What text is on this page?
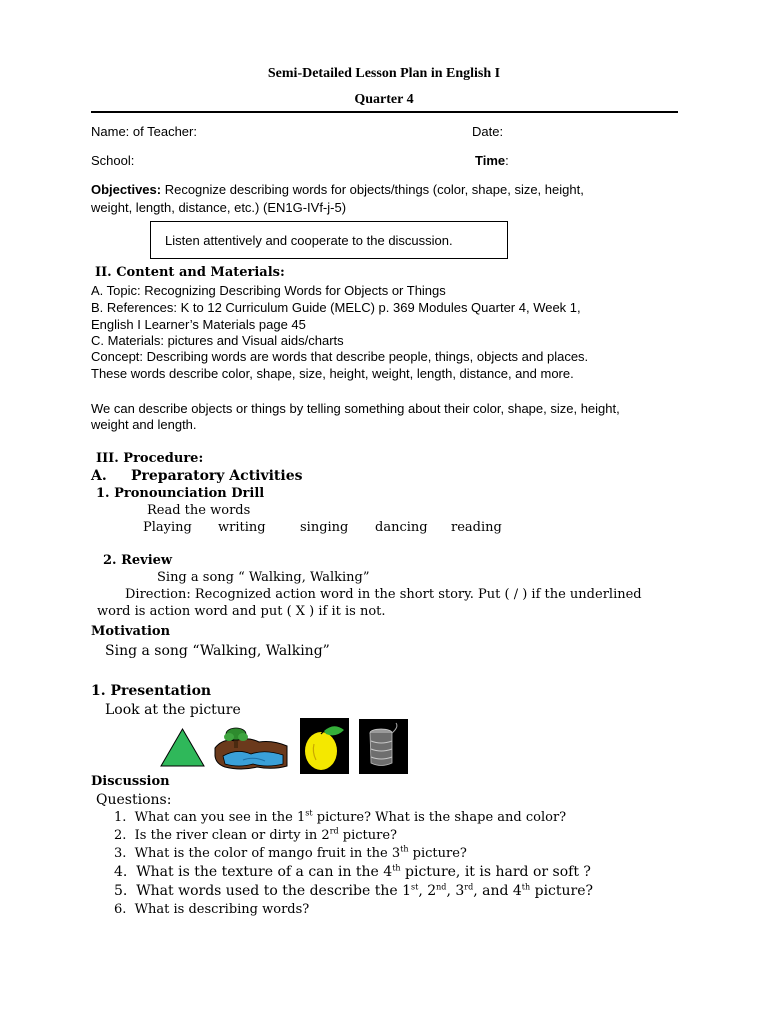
Semi-Detailed Lesson Plan in English I
Quarter 4
Name: of Teacher:	Date:
School:	Time:
Objectives: Recognize describing words for objects/things (color, shape, size, height,
weight, length, distance, etc.) (EN1G-IVf-j-5)
Listen attentively and cooperate to the discussion.
II. Content and Materials:
A. Topic: Recognizing Describing Words for Objects or Things
B. References: K to 12 Curriculum Guide (MELC) p. 369 Modules Quarter 4, Week 1,
English I Learner’s Materials page 45
C. Materials: pictures and Visual aids/charts
Concept: Describing words are words that describe people, things, objects and places.
These words describe color, shape, size, height, weight, length, distance, and more.
We can describe objects or things by telling something about their color, shape, size, height,
weight and length.
III. Procedure:
A. Preparatory Activities
1. Pronounciation Drill
Read the words
Playing writing	singing dancing reading
2. Review
Sing a song “ Walking, Walking”
Direction: Recognized action word in the short story. Put ( / ) if the underlined
word is action word and put ( X ) if it is not.
Motivation
Sing a song “Walking, Walking”
1. Presentation
Look at the picture
Discussion
Questions:
1. What can you see in the 1st picture? What is the shape and color?
2. Is the river clean or dirty in 2rd picture?
3. What is the color of mango fruit in the 3th picture?
4. What is the texture of a can in the 4th picture, it is hard or soft ?
5. What words used to the describe the 1st, 2nd, 3rd, and 4th picture?
6. What is describing words?
